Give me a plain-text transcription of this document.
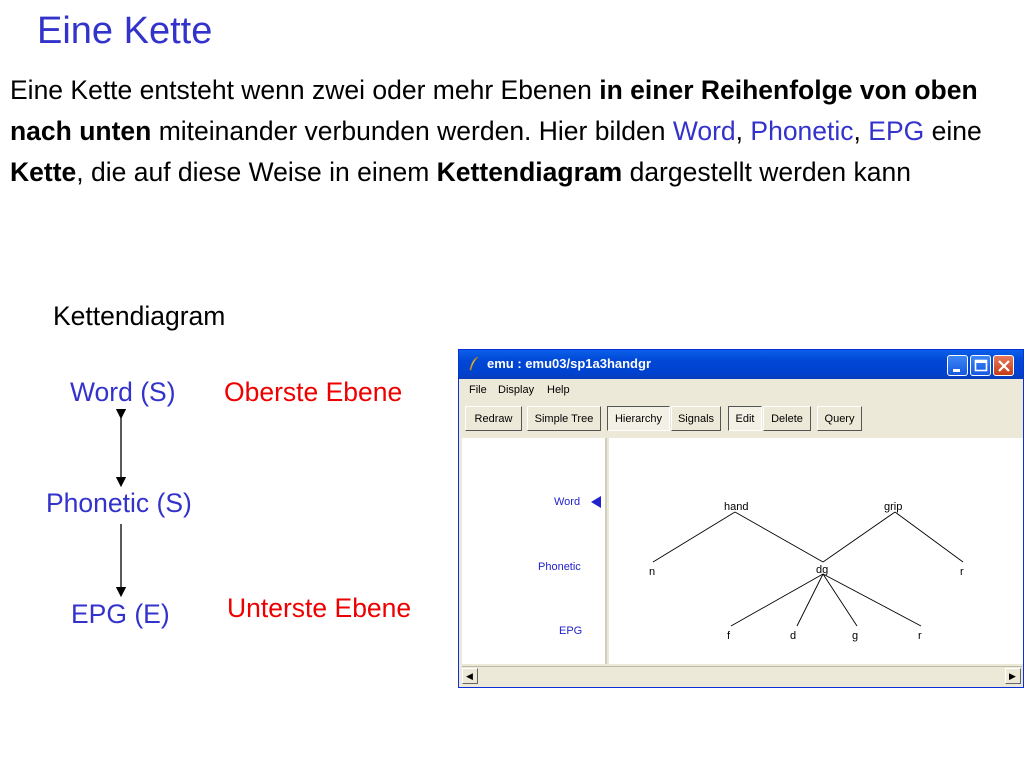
Eine Kette
Eine Kette entsteht wenn zwei oder mehr Ebenen in einer Reihenfolge von oben nach unten miteinander verbunden werden. Hier bilden Word, Phonetic, EPG eine Kette, die auf diese Weise in einem Kettendiagram dargestellt werden kann
Kettendiagram
Word (S) Oberste Ebene
Phonetic (S)
EPG (E)
emu : emu03/sp1a3handgr
File Display Help
Redraw	Simple Tree	Hierarchy	Signals	Edit	Delete	Query
Word
Phonetic
EPG
hand	grip
n	dg	r
f	d	g	r
◀	▶
Unterste Ebene
